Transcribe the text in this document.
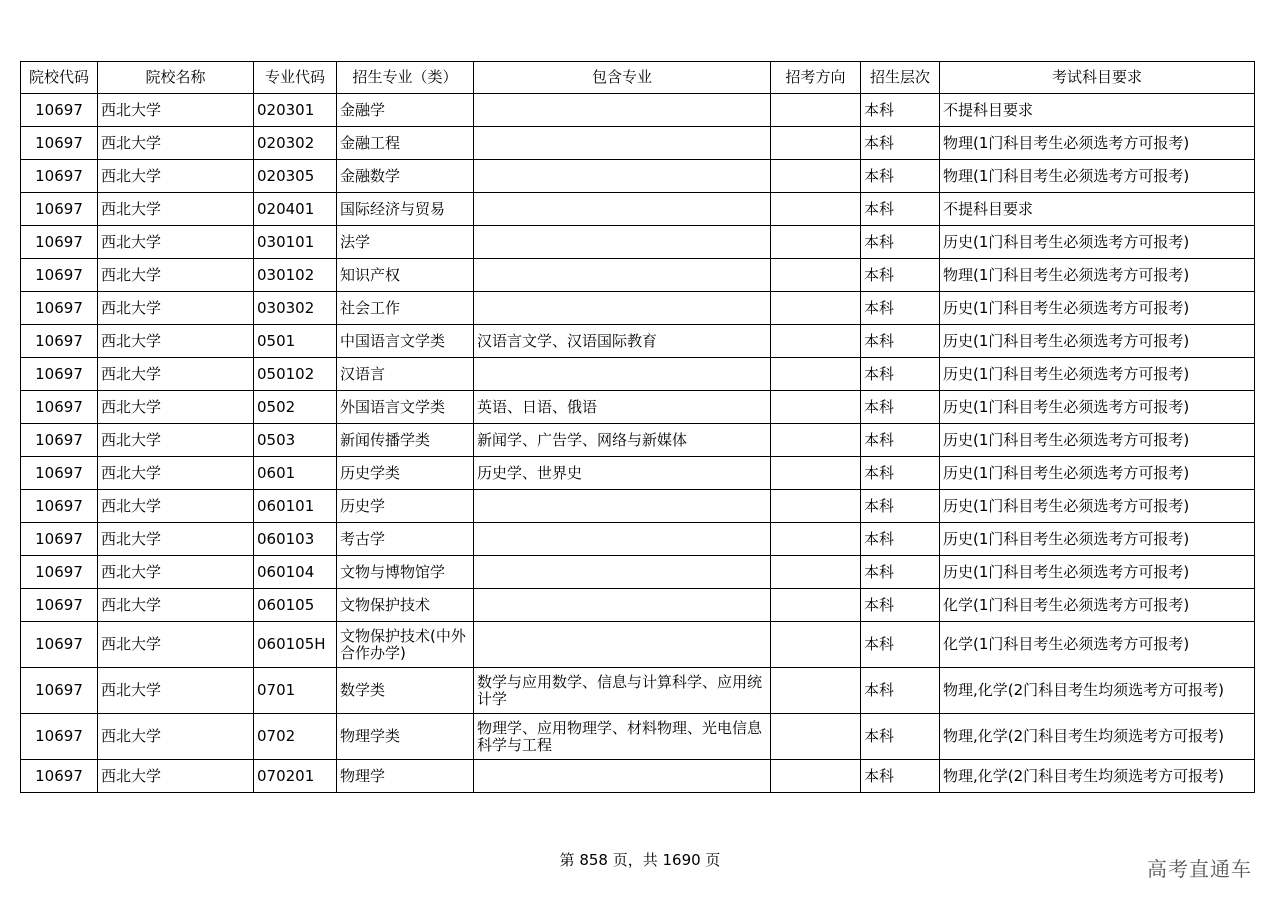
院校代码	院校名称	专业代码	招生专业（类）	包含专业	招考方向	招生层次	考试科目要求
10697	西北大学	020301	金融学			本科	不提科目要求
10697	西北大学	020302	金融工程			本科	物理(1门科目考生必须选考方可报考)
10697	西北大学	020305	金融数学			本科	物理(1门科目考生必须选考方可报考)
10697	西北大学	020401	国际经济与贸易			本科	不提科目要求
10697	西北大学	030101	法学			本科	历史(1门科目考生必须选考方可报考)
10697	西北大学	030102	知识产权			本科	物理(1门科目考生必须选考方可报考)
10697	西北大学	030302	社会工作			本科	历史(1门科目考生必须选考方可报考)
10697	西北大学	0501	中国语言文学类	汉语言文学、汉语国际教育		本科	历史(1门科目考生必须选考方可报考)
10697	西北大学	050102	汉语言			本科	历史(1门科目考生必须选考方可报考)
10697	西北大学	0502	外国语言文学类	英语、日语、俄语		本科	历史(1门科目考生必须选考方可报考)
10697	西北大学	0503	新闻传播学类	新闻学、广告学、网络与新媒体		本科	历史(1门科目考生必须选考方可报考)
10697	西北大学	0601	历史学类	历史学、世界史		本科	历史(1门科目考生必须选考方可报考)
10697	西北大学	060101	历史学			本科	历史(1门科目考生必须选考方可报考)
10697	西北大学	060103	考古学			本科	历史(1门科目考生必须选考方可报考)
10697	西北大学	060104	文物与博物馆学			本科	历史(1门科目考生必须选考方可报考)
10697	西北大学	060105	文物保护技术			本科	化学(1门科目考生必须选考方可报考)
10697	西北大学	060105H	文物保护技术(中外合作办学)			本科	化学(1门科目考生必须选考方可报考)
10697	西北大学	0701	数学类	数学与应用数学、信息与计算科学、应用统计学		本科	物理,化学(2门科目考生均须选考方可报考)
10697	西北大学	0702	物理学类	物理学、应用物理学、材料物理、光电信息科学与工程		本科	物理,化学(2门科目考生均须选考方可报考)
10697	西北大学	070201	物理学			本科	物理,化学(2门科目考生均须选考方可报考)
第 858 页，共 1690 页	高考直通车
